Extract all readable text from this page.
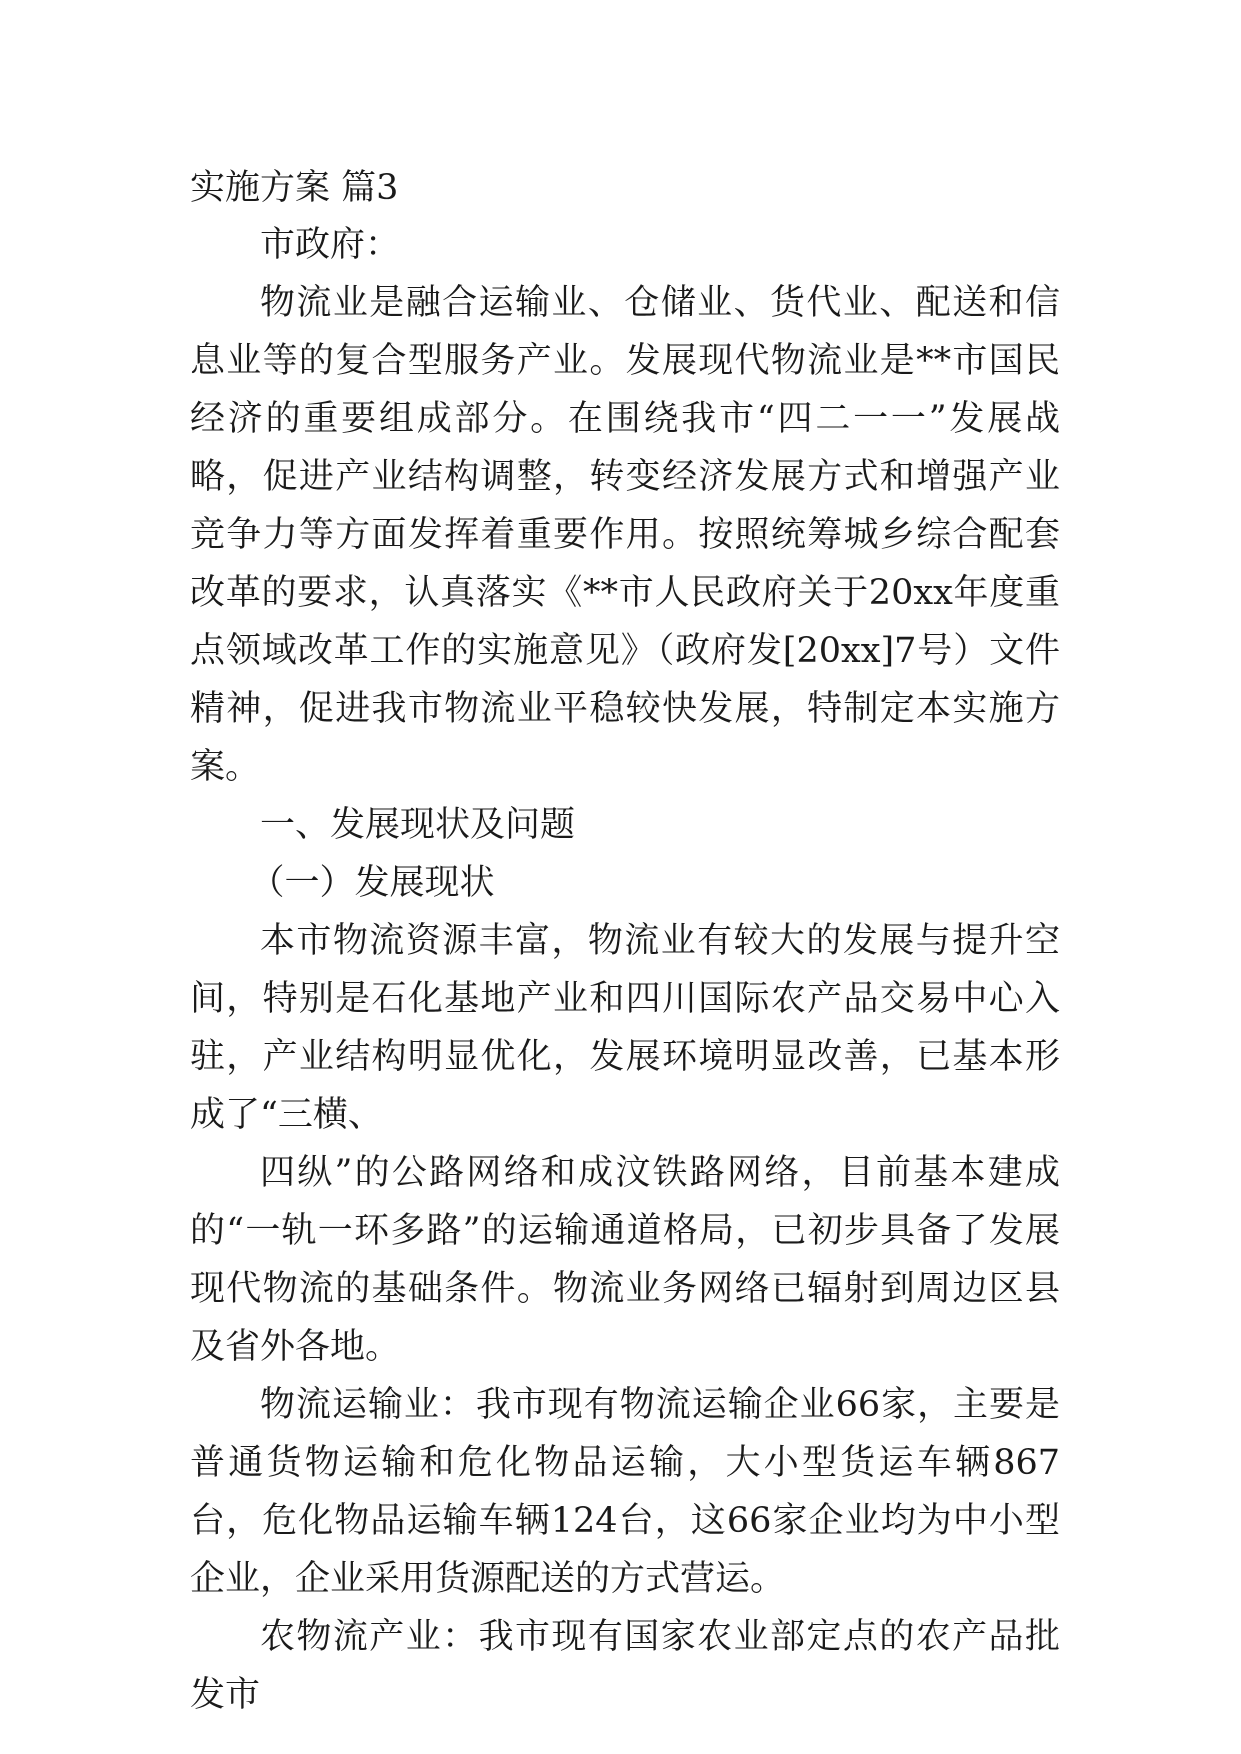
实施方案 篇3

市政府：

物流业是融合运输业、仓储业、货代业、配送和信息业等的复合型服务产业。发展现代物流业是**市国民经济的重要组成部分。在围绕我市“四二一一”发展战略，促进产业结构调整，转变经济发展方式和增强产业竞争力等方面发挥着重要作用。按照统筹城乡综合配套改革的要求，认真落实《**市人民政府关于20xx年度重点领域改革工作的实施意见》（政府发[20xx]7号）文件精神，促进我市物流业平稳较快发展，特制定本实施方案。

一、发展现状及问题

（一）发展现状

本市物流资源丰富，物流业有较大的发展与提升空间，特别是石化基地产业和四川国际农产品交易中心入驻，产业结构明显优化，发展环境明显改善，已基本形成了“三横、

四纵”的公路网络和成汶铁路网络，目前基本建成的“一轨一环多路”的运输通道格局，已初步具备了发展现代物流的基础条件。物流业务网络已辐射到周边区县及省外各地。

物流运输业：我市现有物流运输企业66家，主要是普通货物运输和危化物品运输，大小型货运车辆867台，危化物品运输车辆124台，这66家企业均为中小型企业，企业采用货源配送的方式营运。

农物流产业：我市现有国家农业部定点的农产品批发市
